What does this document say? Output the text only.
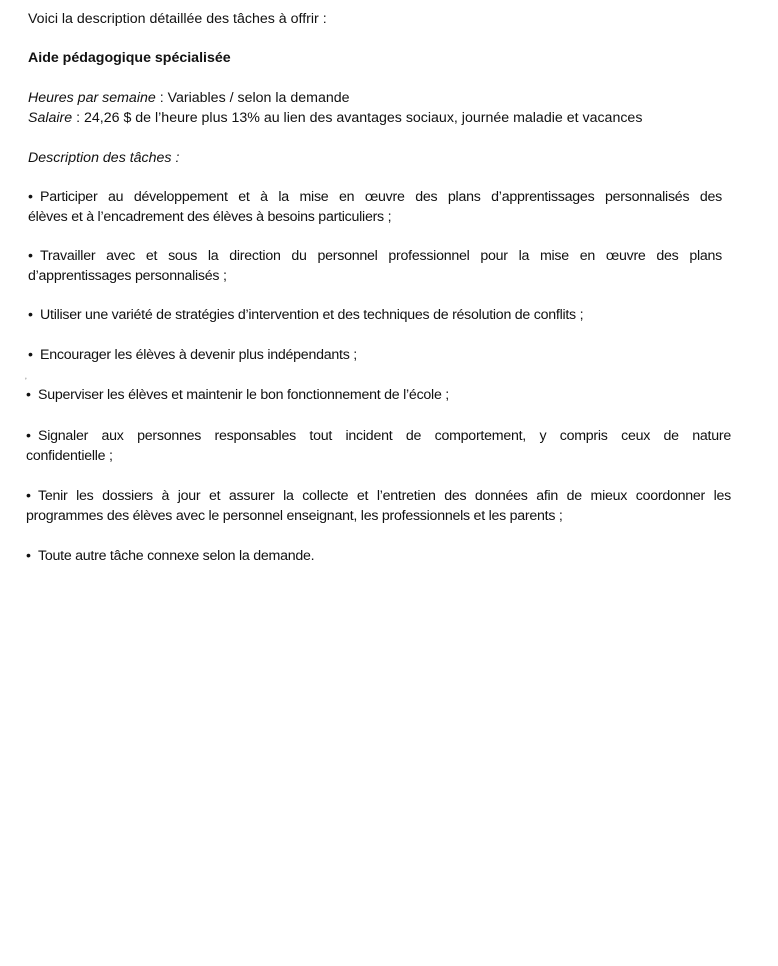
Voici la description détaillée des tâches à offrir :
Aide pédagogique spécialisée
Heures par semaine : Variables / selon la demande
Salaire : 24,26 $ de l’heure plus 13% au lien des avantages sociaux, journée maladie et vacances
Description des tâches :
• Participer au développement et à la mise en œuvre des plans d’apprentissages personnalisés des
élèves et à l’encadrement des élèves à besoins particuliers ;
• Travailler avec et sous la direction du personnel professionnel pour la mise en œuvre des plans
d’apprentissages personnalisés ;
• Utiliser une variété de stratégies d’intervention et des techniques de résolution de conflits ;
• Encourager les élèves à devenir plus indépendants ;
ʼ
• Superviser les élèves et maintenir le bon fonctionnement de l’école ;
• Signaler aux personnes responsables tout incident de comportement, y compris ceux de nature
confidentielle ;
• Tenir les dossiers à jour et assurer la collecte et l’entretien des données afin de mieux coordonner les
programmes des élèves avec le personnel enseignant, les professionnels et les parents ;
• Toute autre tâche connexe selon la demande.
